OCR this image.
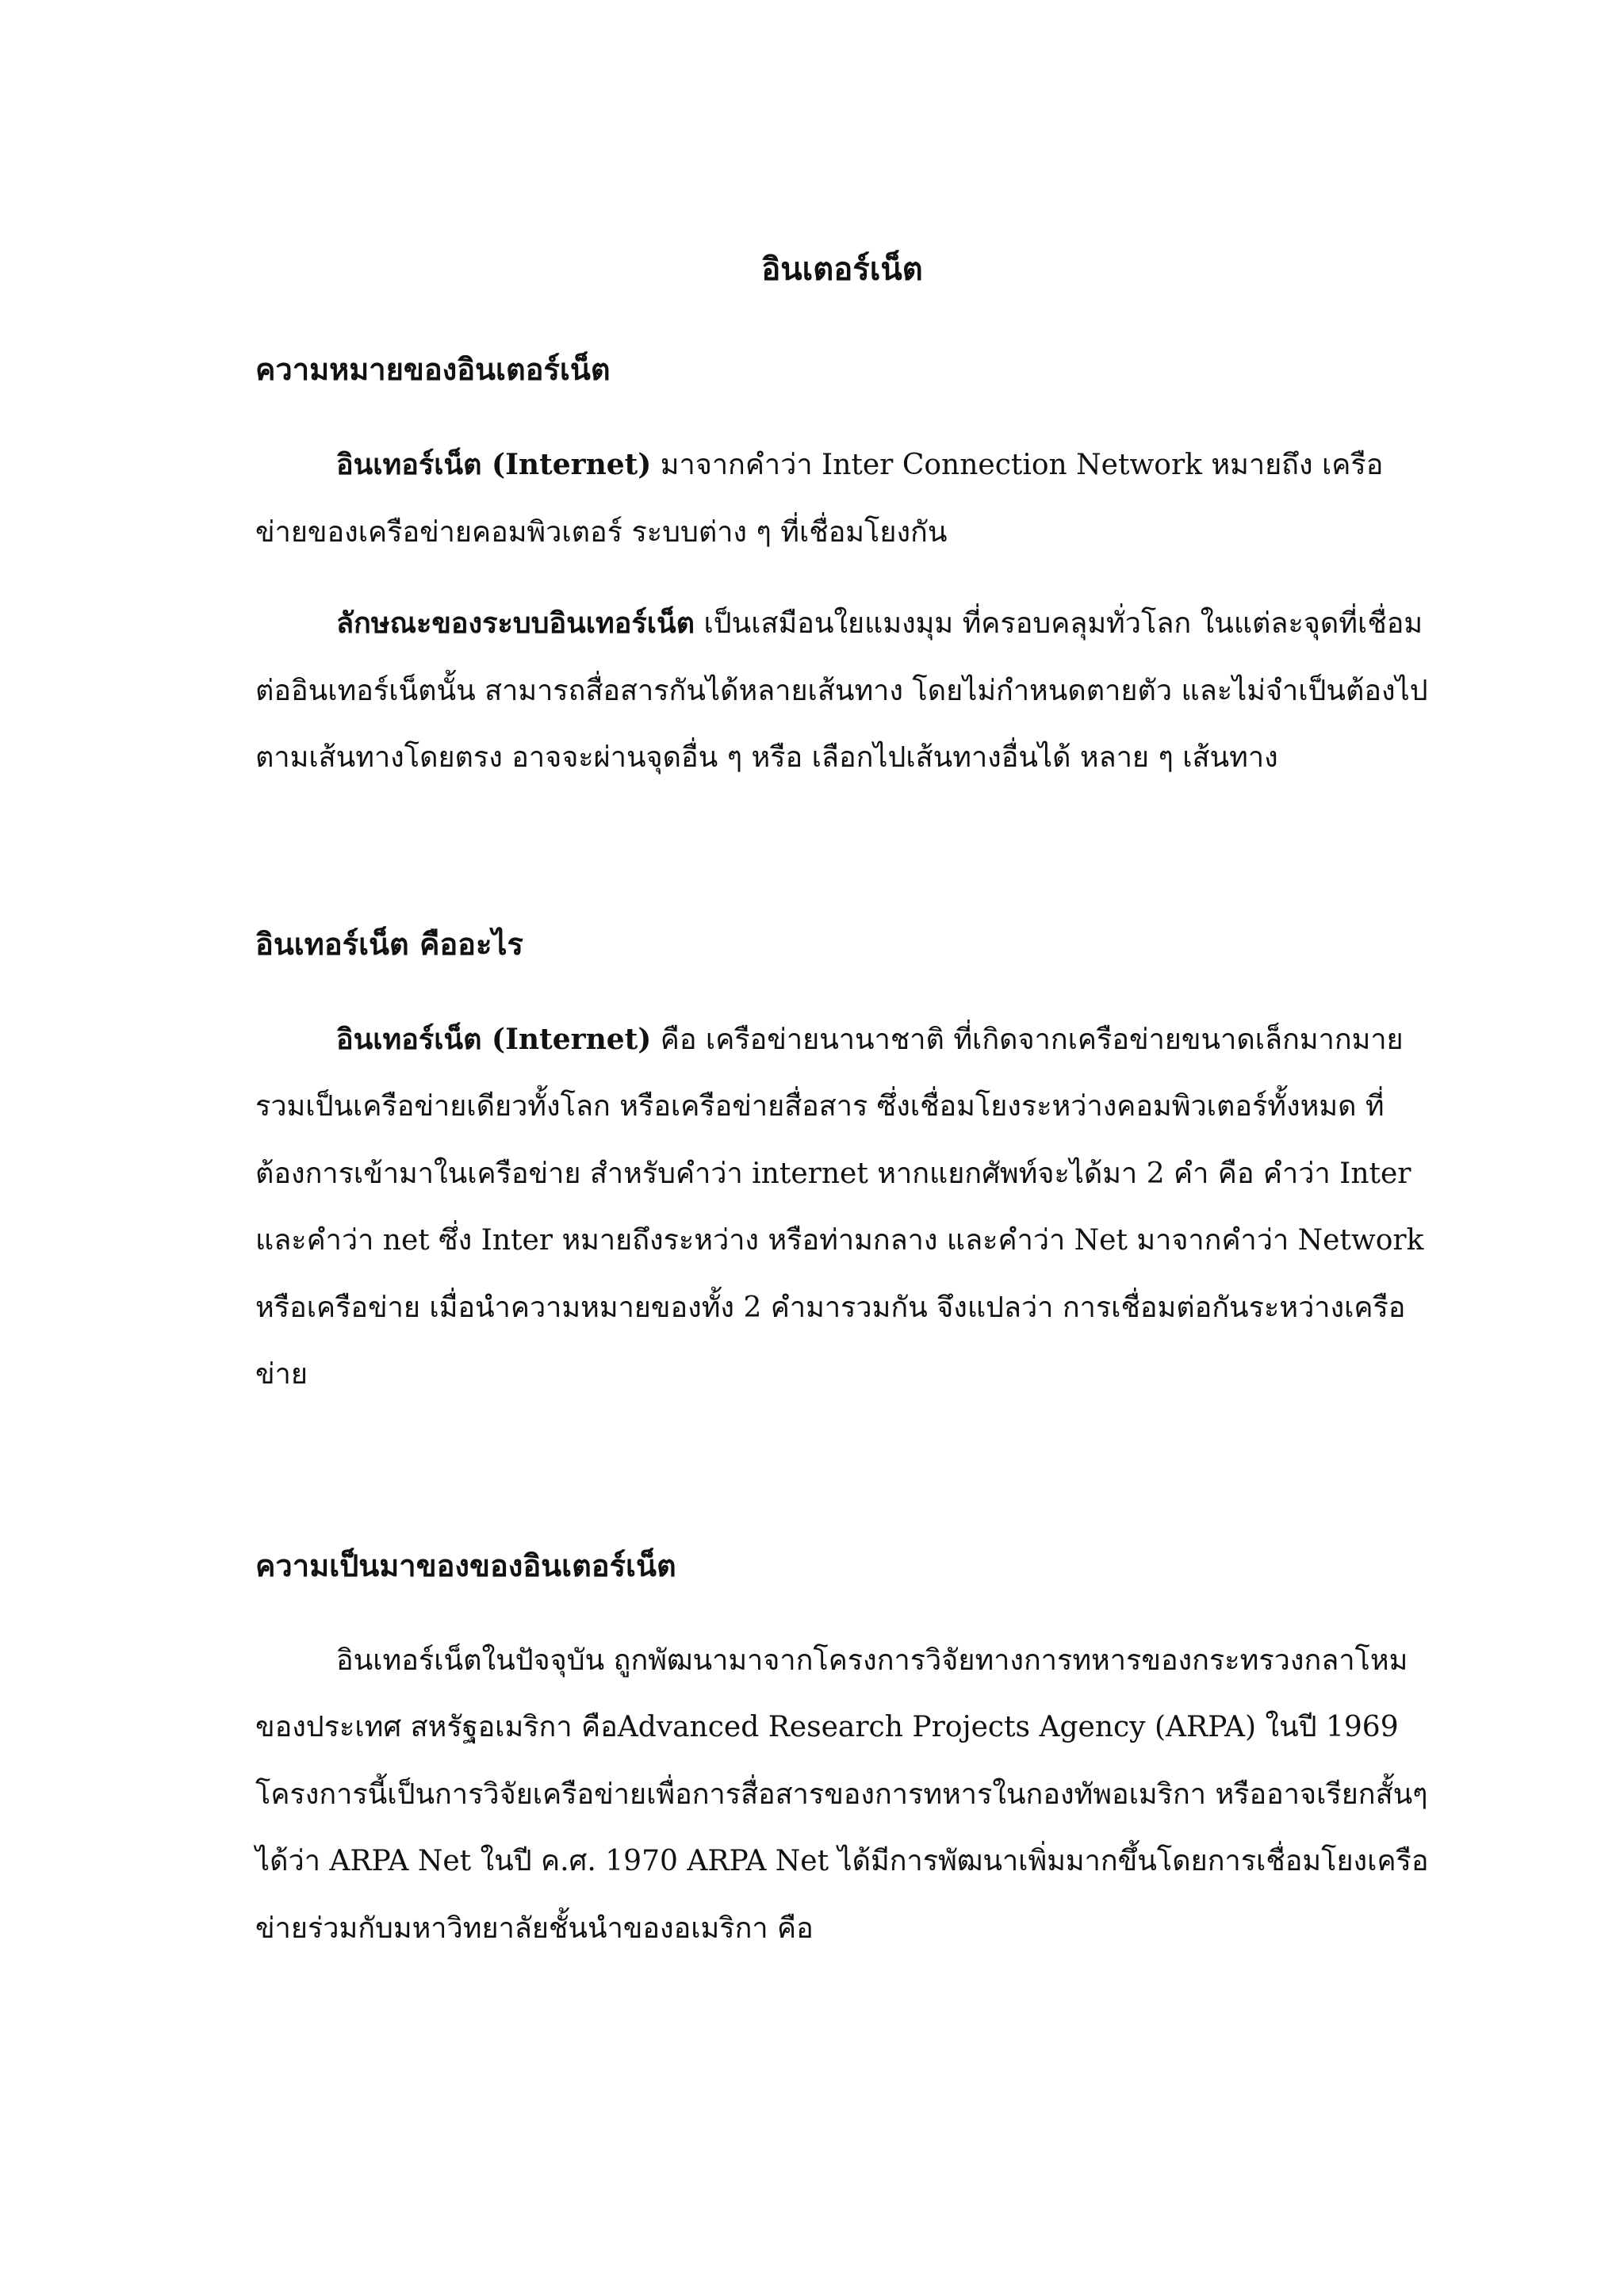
อินเตอร์เน็ต
ความหมายของอินเตอร์เน็ต

อินเทอร์เน็ต (Internet) มาจากคำว่า Inter Connection Network หมายถึง เครือข่ายของเครือข่ายคอมพิวเตอร์ ระบบต่าง ๆ ที่เชื่อมโยงกัน

ลักษณะของระบบอินเทอร์เน็ต เป็นเสมือนใยแมงมุม ที่ครอบคลุมทั่วโลก ในแต่ละจุดที่เชื่อมต่ออินเทอร์เน็ตนั้น สามารถสื่อสารกันได้หลายเส้นทาง โดยไม่กำหนดตายตัว และไม่จำเป็นต้องไปตามเส้นทางโดยตรง อาจจะผ่านจุดอื่น ๆ หรือ เลือกไปเส้นทางอื่นได้ หลาย ๆ เส้นทาง

อินเทอร์เน็ต คืออะไร

อินเทอร์เน็ต (Internet) คือ เครือข่ายนานาชาติ ที่เกิดจากเครือข่ายขนาดเล็กมากมาย รวมเป็นเครือข่ายเดียวทั้งโลก หรือเครือข่ายสื่อสาร ซึ่งเชื่อมโยงระหว่างคอมพิวเตอร์ทั้งหมด ที่ต้องการเข้ามาในเครือข่าย สำหรับคำว่า internet หากแยกศัพท์จะได้มา 2 คำ คือ คำว่า Inter และคำว่า net ซึ่ง Inter หมายถึงระหว่าง หรือท่ามกลาง และคำว่า Net มาจากคำว่า Network หรือเครือข่าย เมื่อนำความหมายของทั้ง 2 คำมารวมกัน จึงแปลว่า การเชื่อมต่อกันระหว่างเครือข่าย

ความเป็นมาของของอินเตอร์เน็ต

อินเทอร์เน็ตในปัจจุบัน ถูกพัฒนามาจากโครงการวิจัยทางการทหารของกระทรวงกลาโหมของประเทศ สหรัฐอเมริกา คือAdvanced Research Projects Agency (ARPA) ในปี 1969 โครงการนี้เป็นการวิจัยเครือข่ายเพื่อการสื่อสารของการทหารในกองทัพอเมริกา หรืออาจเรียกสั้นๆ ได้ว่า ARPA Net ในปี ค.ศ. 1970 ARPA Net ได้มีการพัฒนาเพิ่มมากขึ้นโดยการเชื่อมโยงเครือข่ายร่วมกับมหาวิทยาลัยชั้นนำของอเมริกา คือ
